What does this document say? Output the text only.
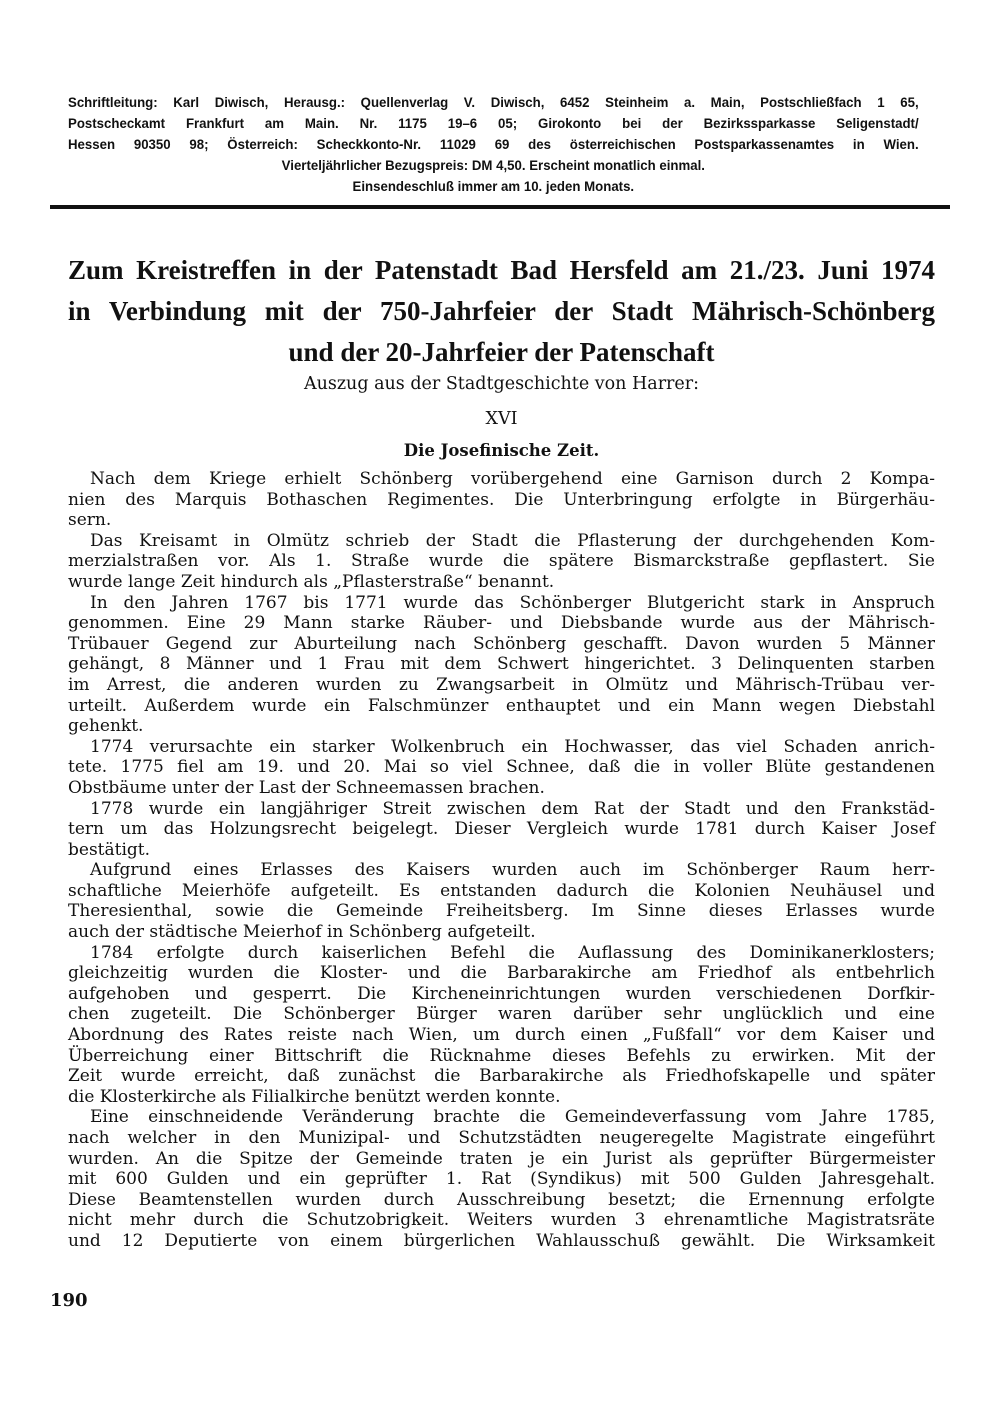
Schriftleitung: Karl Diwisch, Herausg.: Quellenverlag V. Diwisch, 6452 Steinheim a. Main, Postschließfach 1 65,
Postscheckamt Frankfurt am Main. Nr. 1175 19–6 05; Girokonto bei der Bezirkssparkasse Seligenstadt/
Hessen 90350 98; Österreich: Scheckkonto-Nr. 11029 69 des österreichischen Postsparkassenamtes in Wien.
Vierteljährlicher Bezugspreis: DM 4,50. Erscheint monatlich einmal.
Einsendeschluß immer am 10. jeden Monats.
Zum Kreistreffen in der Patenstadt Bad Hersfeld am 21./23. Juni 1974
in Verbindung mit der 750-Jahrfeier der Stadt Mährisch-Schönberg
und der 20-Jahrfeier der Patenschaft
Auszug aus der Stadtgeschichte von Harrer:
XVI
Die Josefinische Zeit.
Nach dem Kriege erhielt Schönberg vorübergehend eine Garnison durch 2 Kompa-
nien des Marquis Bothaschen Regimentes. Die Unterbringung erfolgte in Bürgerhäu-
sern.
Das Kreisamt in Olmütz schrieb der Stadt die Pflasterung der durchgehenden Kom-
merzialstraßen vor. Als 1. Straße wurde die spätere Bismarckstraße gepflastert. Sie
wurde lange Zeit hindurch als „Pflasterstraße“ benannt.
In den Jahren 1767 bis 1771 wurde das Schönberger Blutgericht stark in Anspruch
genommen. Eine 29 Mann starke Räuber- und Diebsbande wurde aus der Mährisch-
Trübauer Gegend zur Aburteilung nach Schönberg geschafft. Davon wurden 5 Männer
gehängt, 8 Männer und 1 Frau mit dem Schwert hingerichtet. 3 Delinquenten starben
im Arrest, die anderen wurden zu Zwangsarbeit in Olmütz und Mährisch-Trübau ver-
urteilt. Außerdem wurde ein Falschmünzer enthauptet und ein Mann wegen Diebstahl
gehenkt.
1774 verursachte ein starker Wolkenbruch ein Hochwasser, das viel Schaden anrich-
tete. 1775 fiel am 19. und 20. Mai so viel Schnee, daß die in voller Blüte gestandenen
Obstbäume unter der Last der Schneemassen brachen.
1778 wurde ein langjähriger Streit zwischen dem Rat der Stadt und den Frankstäd-
tern um das Holzungsrecht beigelegt. Dieser Vergleich wurde 1781 durch Kaiser Josef
bestätigt.
Aufgrund eines Erlasses des Kaisers wurden auch im Schönberger Raum herr-
schaftliche Meierhöfe aufgeteilt. Es entstanden dadurch die Kolonien Neuhäusel und
Theresienthal, sowie die Gemeinde Freiheitsberg. Im Sinne dieses Erlasses wurde
auch der städtische Meierhof in Schönberg aufgeteilt.
1784 erfolgte durch kaiserlichen Befehl die Auflassung des Dominikanerklosters;
gleichzeitig wurden die Kloster- und die Barbarakirche am Friedhof als entbehrlich
aufgehoben und gesperrt. Die Kircheneinrichtungen wurden verschiedenen Dorfkir-
chen zugeteilt. Die Schönberger Bürger waren darüber sehr unglücklich und eine
Abordnung des Rates reiste nach Wien, um durch einen „Fußfall“ vor dem Kaiser und
Überreichung einer Bittschrift die Rücknahme dieses Befehls zu erwirken. Mit der
Zeit wurde erreicht, daß zunächst die Barbarakirche als Friedhofskapelle und später
die Klosterkirche als Filialkirche benützt werden konnte.
Eine einschneidende Veränderung brachte die Gemeindeverfassung vom Jahre 1785,
nach welcher in den Munizipal- und Schutzstädten neugeregelte Magistrate eingeführt
wurden. An die Spitze der Gemeinde traten je ein Jurist als geprüfter Bürgermeister
mit 600 Gulden und ein geprüfter 1. Rat (Syndikus) mit 500 Gulden Jahresgehalt.
Diese Beamtenstellen wurden durch Ausschreibung besetzt; die Ernennung erfolgte
nicht mehr durch die Schutzobrigkeit. Weiters wurden 3 ehrenamtliche Magistratsräte
und 12 Deputierte von einem bürgerlichen Wahlausschuß gewählt. Die Wirksamkeit
190
